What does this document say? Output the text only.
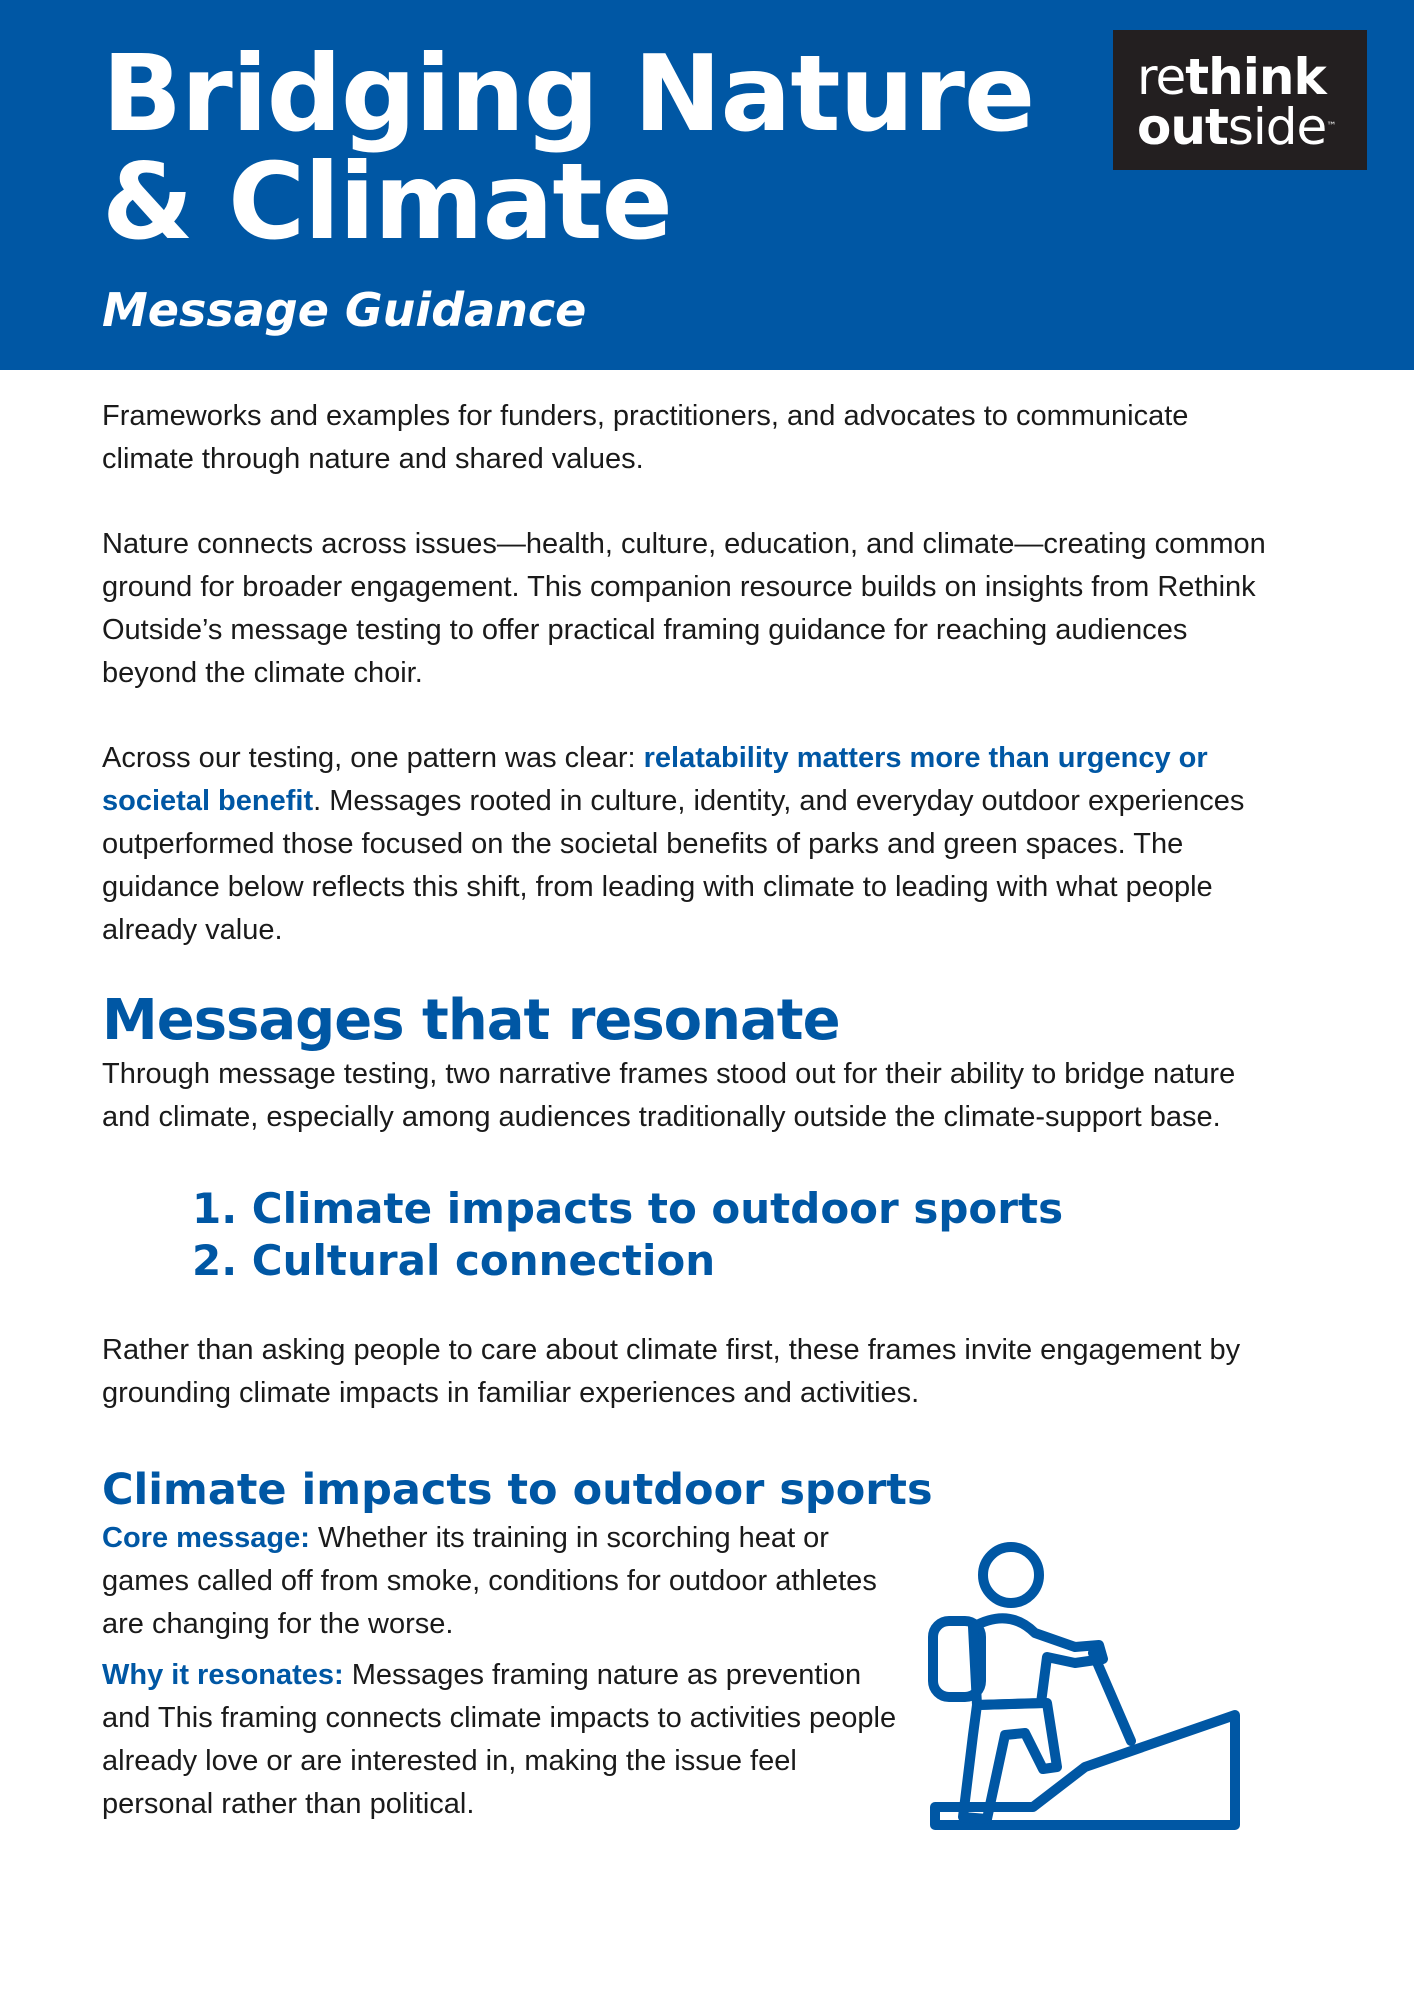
Bridging Nature
& Climate
Message Guidance
rethink
outside™

Frameworks and examples for funders, practitioners, and advocates to communicate climate through nature and shared values.

Nature connects across issues—health, culture, education, and climate—creating common ground for broader engagement. This companion resource builds on insights from Rethink Outside’s message testing to offer practical framing guidance for reaching audiences beyond the climate choir.

Across our testing, one pattern was clear: relatability matters more than urgency or societal benefit. Messages rooted in culture, identity, and everyday outdoor experiences outperformed those focused on the societal benefits of parks and green spaces. The guidance below reflects this shift, from leading with climate to leading with what people already value.

Messages that resonate

Through message testing, two narrative frames stood out for their ability to bridge nature and climate, especially among audiences traditionally outside the climate-support base.

1. Climate impacts to outdoor sports
2. Cultural connection

Rather than asking people to care about climate first, these frames invite engagement by grounding climate impacts in familiar experiences and activities.

Climate impacts to outdoor sports

Core message: Whether its training in scorching heat or games called off from smoke, conditions for outdoor athletes are changing for the worse.

Why it resonates: Messages framing nature as prevention and This framing connects climate impacts to activities people already love or are interested in, making the issue feel personal rather than political.
